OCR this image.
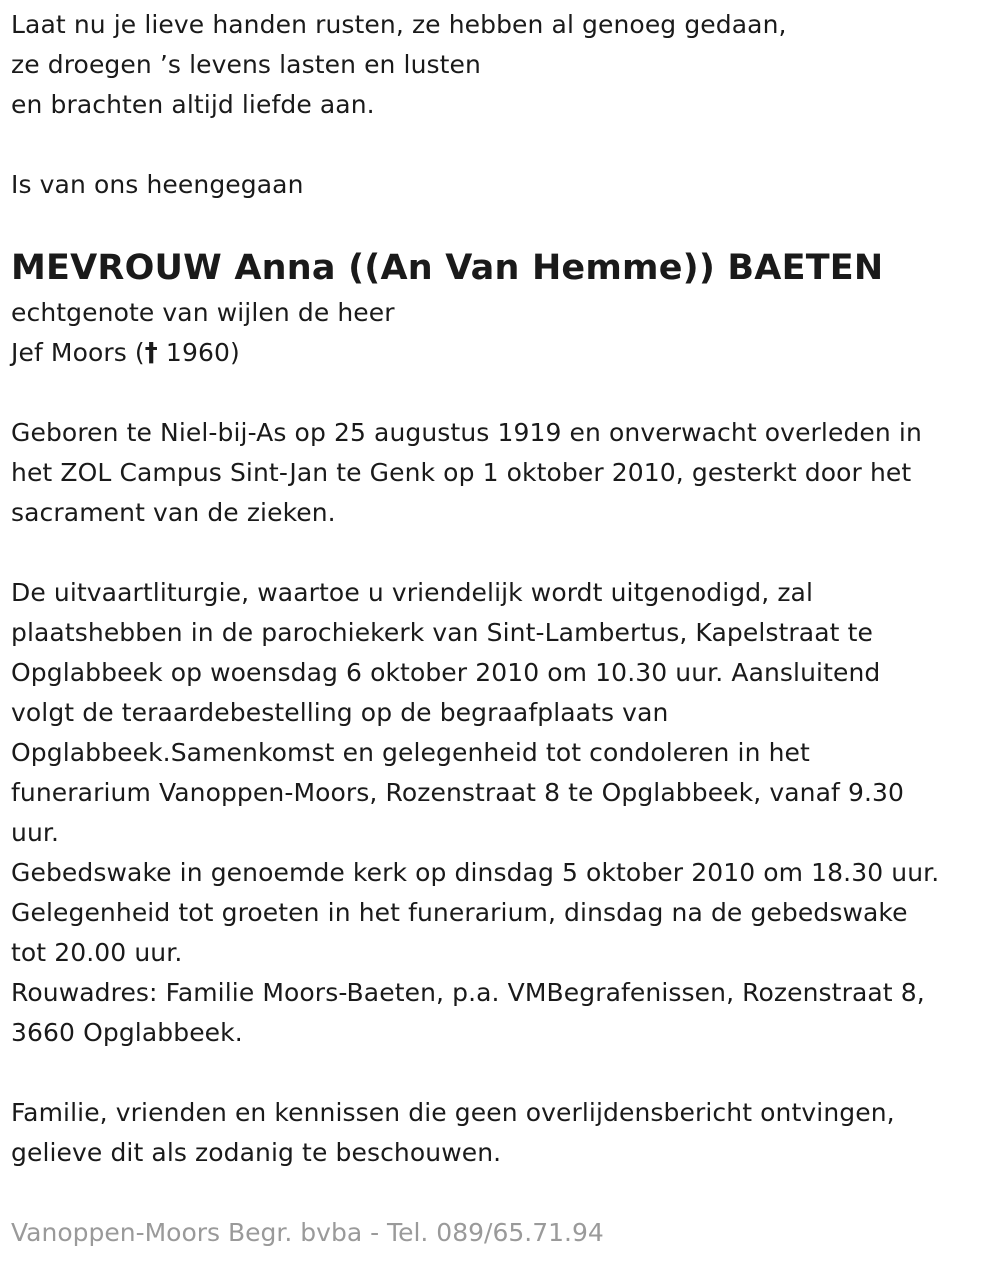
Laat nu je lieve handen rusten, ze hebben al genoeg gedaan,
ze droegen ’s levens lasten en lusten
en brachten altijd liefde aan.
Is van ons heengegaan
MEVROUW Anna ((An Van Hemme)) BAETEN
echtgenote van wijlen de heer
Jef Moors († 1960)
Geboren te Niel-bij-As op 25 augustus 1919 en onverwacht overleden in
het ZOL Campus Sint-Jan te Genk op 1 oktober 2010, gesterkt door het
sacrament van de zieken.
De uitvaartliturgie, waartoe u vriendelijk wordt uitgenodigd, zal
plaatshebben in de parochiekerk van Sint-Lambertus, Kapelstraat te
Opglabbeek op woensdag 6 oktober 2010 om 10.30 uur. Aansluitend
volgt de teraardebestelling op de begraafplaats van
Opglabbeek.Samenkomst en gelegenheid tot condoleren in het
funerarium Vanoppen-Moors, Rozenstraat 8 te Opglabbeek, vanaf 9.30
uur.
Gebedswake in genoemde kerk op dinsdag 5 oktober 2010 om 18.30 uur.
Gelegenheid tot groeten in het funerarium, dinsdag na de gebedswake
tot 20.00 uur.
Rouwadres: Familie Moors-Baeten, p.a. VMBegrafenissen, Rozenstraat 8,
3660 Opglabbeek.
Familie, vrienden en kennissen die geen overlijdensbericht ontvingen,
gelieve dit als zodanig te beschouwen.
Vanoppen-Moors Begr. bvba - Tel. 089/65.71.94
